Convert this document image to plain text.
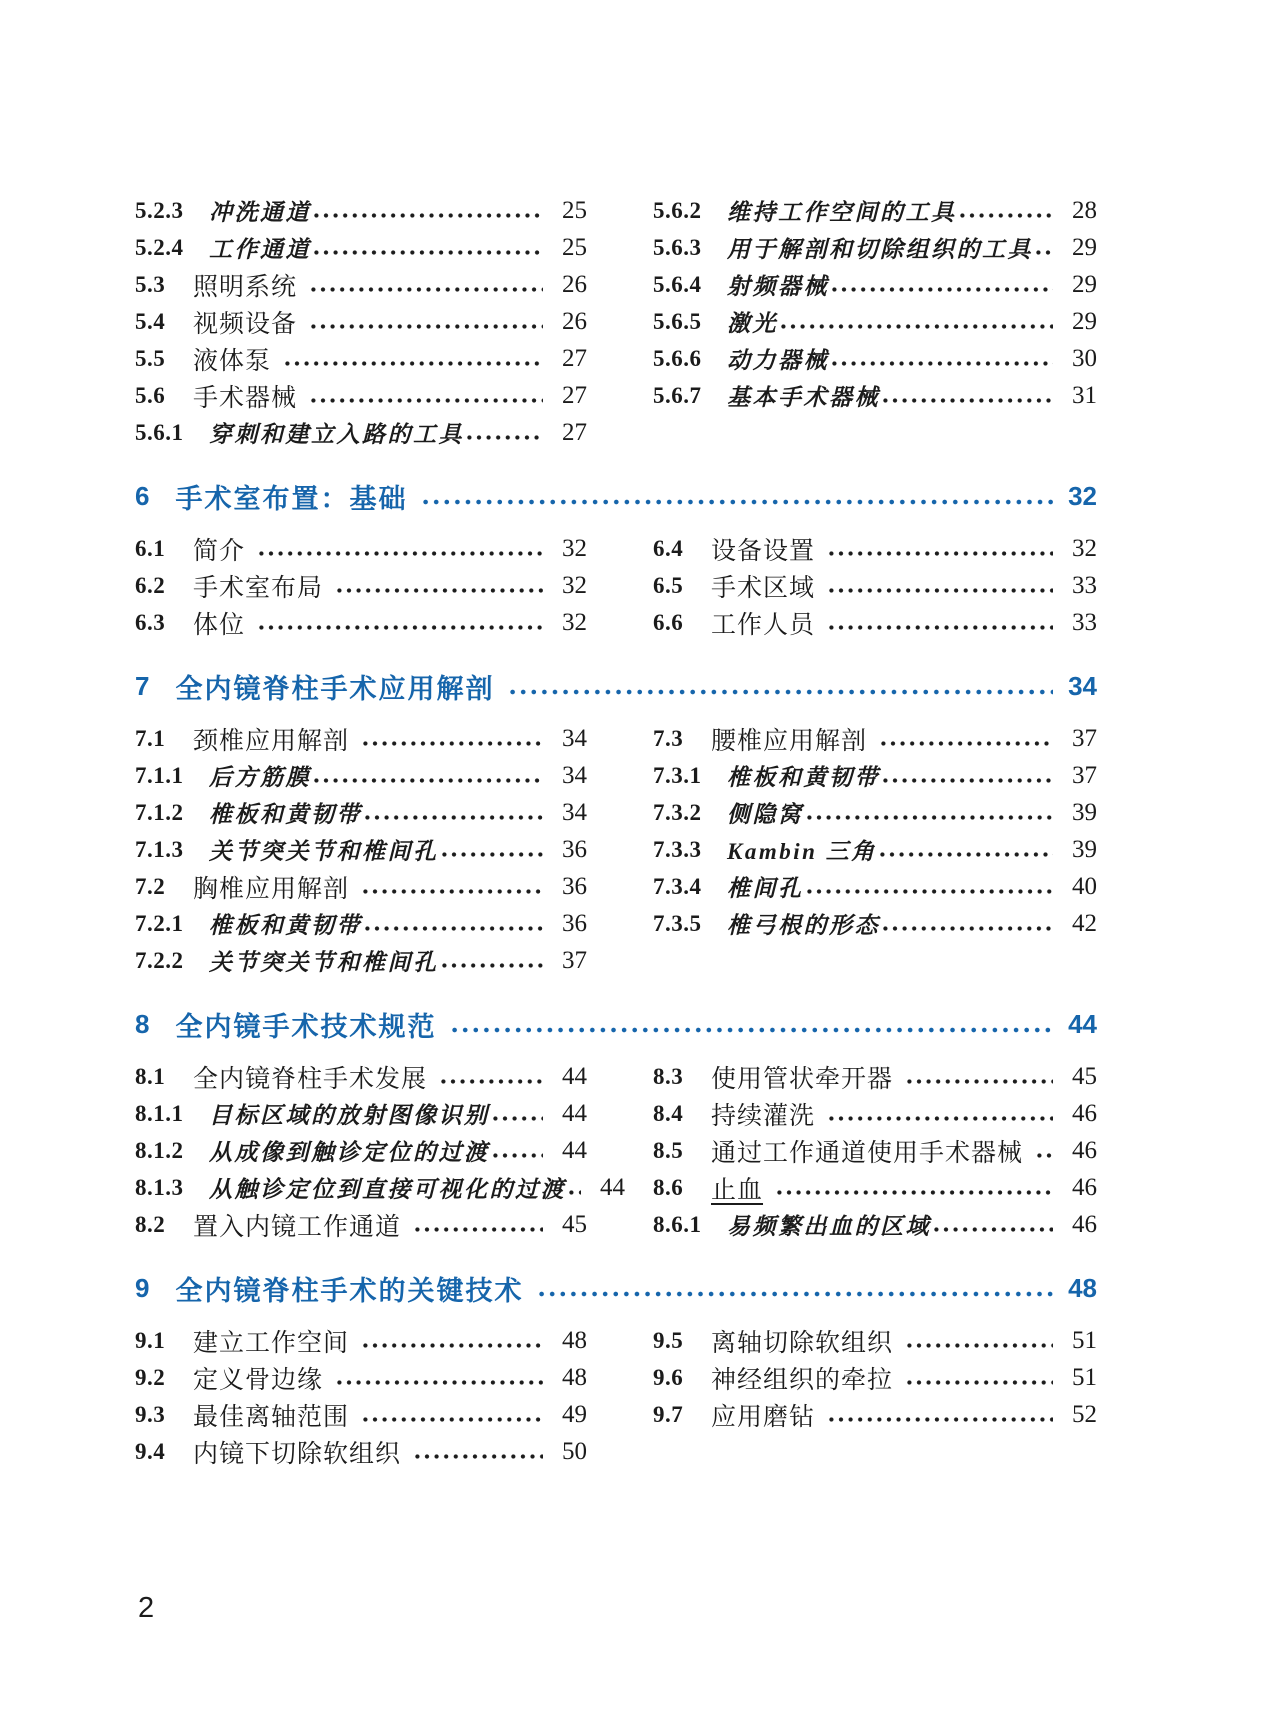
5.2.3	冲洗通道	25
5.2.4	工作通道	25
5.3	照明系统	26
5.4	视频设备	26
5.5	液体泵	27
5.6	手术器械	27
5.6.1	穿刺和建立入路的工具	27
5.6.2	维持工作空间的工具	28
5.6.3	用于解剖和切除组织的工具	29
5.6.4	射频器械	29
5.6.5	激光	29
5.6.6	动力器械	30
5.6.7	基本手术器械	31
6 手术室布置：基础	32
6.1	简介	32
6.2	手术室布局	32
6.3	体位	32
6.4	设备设置	32
6.5	手术区域	33
6.6	工作人员	33
7 全内镜脊柱手术应用解剖	34
7.1	颈椎应用解剖	34
7.1.1	后方筋膜	34
7.1.2	椎板和黄韧带	34
7.1.3	关节突关节和椎间孔	36
7.2	胸椎应用解剖	36
7.2.1	椎板和黄韧带	36
7.2.2	关节突关节和椎间孔	37
7.3	腰椎应用解剖	37
7.3.1	椎板和黄韧带	37
7.3.2	侧隐窝	39
7.3.3	Kambin 三角	39
7.3.4	椎间孔	40
7.3.5	椎弓根的形态	42
8 全内镜手术技术规范	44
8.1	全内镜脊柱手术发展	44
8.1.1	目标区域的放射图像识别	44
8.1.2	从成像到触诊定位的过渡	44
8.1.3	从触诊定位到直接可视化的过渡	44
8.2	置入内镜工作通道	45
8.3	使用管状牵开器	45
8.4	持续灌洗	46
8.5	通过工作通道使用手术器械	46
8.6	止血	46
8.6.1	易频繁出血的区域	46
9 全内镜脊柱手术的关键技术	48
9.1	建立工作空间	48
9.2	定义骨边缘	48
9.3	最佳离轴范围	49
9.4	内镜下切除软组织	50
9.5	离轴切除软组织	51
9.6	神经组织的牵拉	51
9.7	应用磨钻	52
2
